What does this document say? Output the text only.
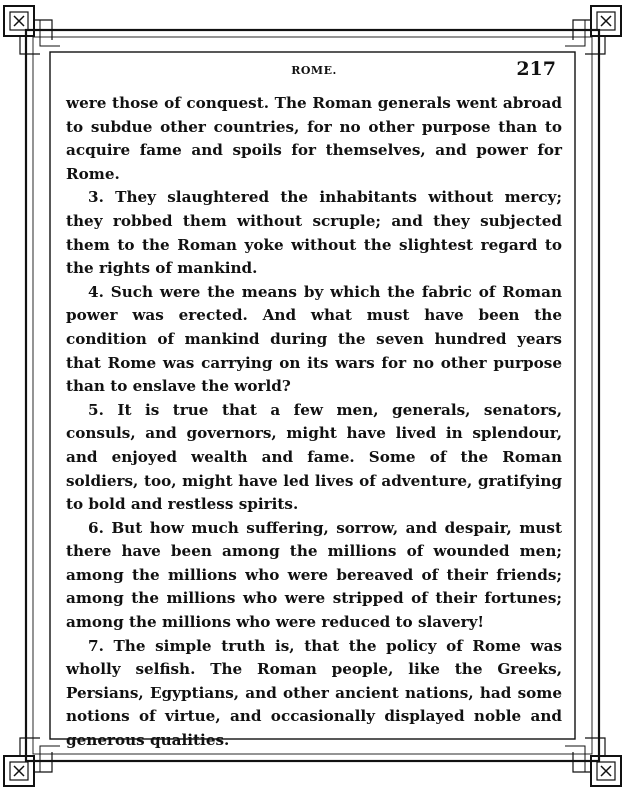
ROME.	217

were those of conquest. The Roman generals went abroad to subdue other countries, for no other purpose than to acquire fame and spoils for themselves, and power for Rome.

3. They slaughtered the inhabitants without mercy; they robbed them without scruple; and they subjected them to the Roman yoke without the slightest regard to the rights of mankind.

4. Such were the means by which the fabric of Roman power was erected. And what must have been the condition of mankind during the seven hundred years that Rome was carrying on its wars for no other purpose than to enslave the world?

5. It is true that a few men, generals, senators, consuls, and governors, might have lived in splendour, and enjoyed wealth and fame. Some of the Roman soldiers, too, might have led lives of adventure, gratifying to bold and restless spirits.

6. But how much suffering, sorrow, and despair, must there have been among the millions of wounded men; among the millions who were bereaved of their friends; among the millions who were stripped of their fortunes; among the millions who were reduced to slavery!

7. The simple truth is, that the policy of Rome was wholly selfish. The Roman people, like the Greeks, Persians, Egyptians, and other ancient nations, had some notions of virtue, and occasionally displayed noble and generous qualities.
